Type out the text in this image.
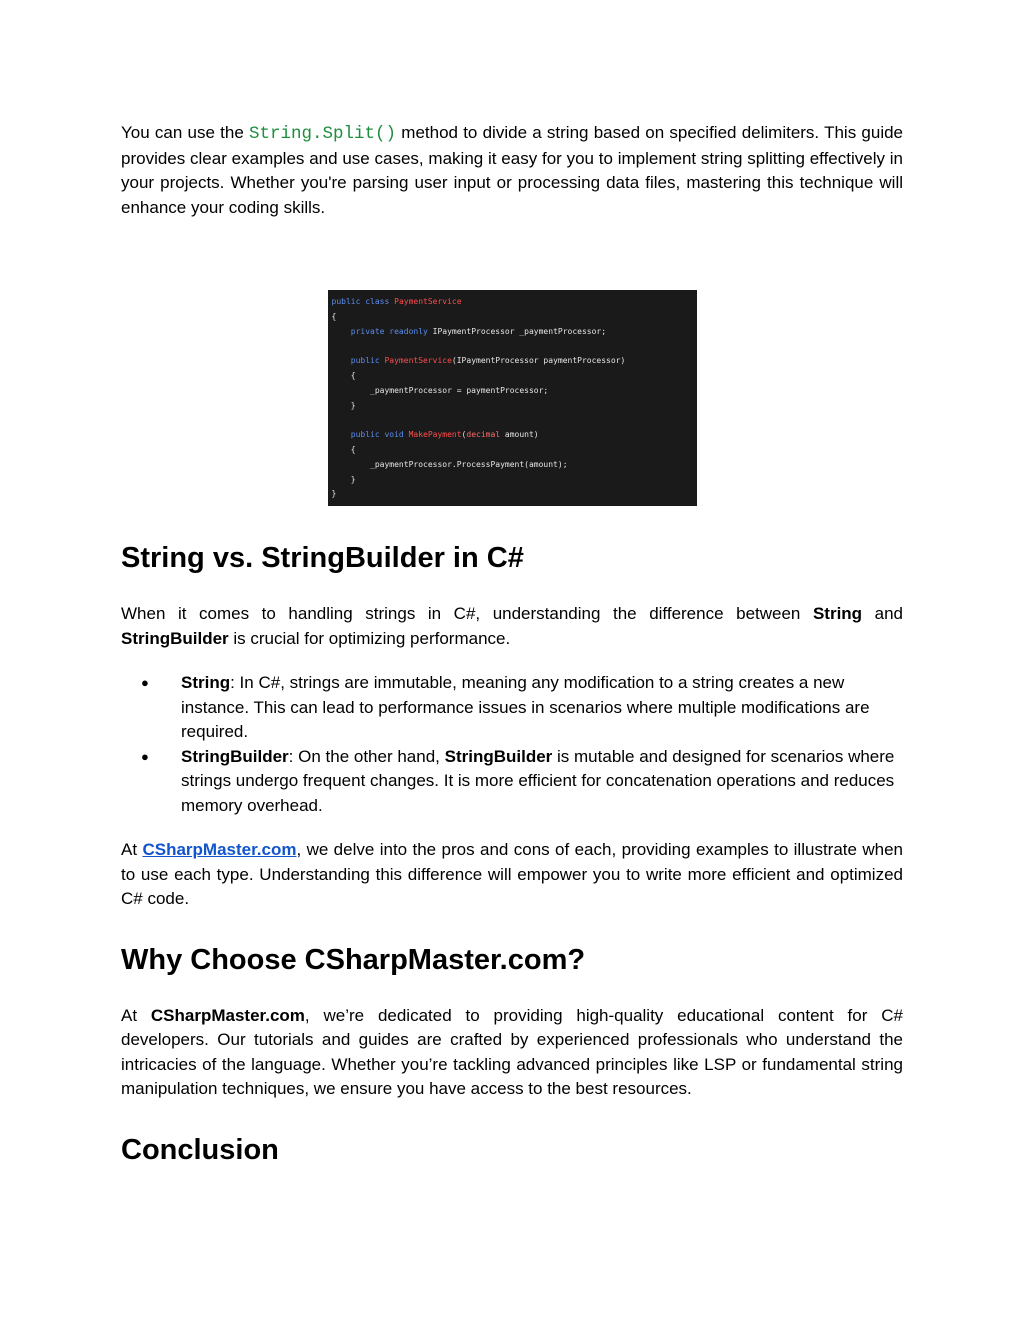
You can use the String.Split() method to divide a string based on specified delimiters. This guide provides clear examples and use cases, making it easy for you to implement string splitting effectively in your projects. Whether you're parsing user input or processing data files, mastering this technique will enhance your coding skills.

public class PaymentService
{
private readonly IPaymentProcessor _paymentProcessor;

public PaymentService(IPaymentProcessor paymentProcessor)
{
_paymentProcessor = paymentProcessor;
}

public void MakePayment(decimal amount)
{
_paymentProcessor.ProcessPayment(amount);
}
}
String vs. StringBuilder in C#

When it comes to handling strings in C#, understanding the difference between String and StringBuilder is crucial for optimizing performance.

● String: In C#, strings are immutable, meaning any modification to a string creates a new instance. This can lead to performance issues in scenarios where multiple modifications are required.
● StringBuilder: On the other hand, StringBuilder is mutable and designed for scenarios where strings undergo frequent changes. It is more efficient for concatenation operations and reduces memory overhead.

At CSharpMaster.com, we delve into the pros and cons of each, providing examples to illustrate when to use each type. Understanding this difference will empower you to write more efficient and optimized C# code.

Why Choose CSharpMaster.com?

At CSharpMaster.com, we’re dedicated to providing high-quality educational content for C# developers. Our tutorials and guides are crafted by experienced professionals who understand the intricacies of the language. Whether you’re tackling advanced principles like LSP or fundamental string manipulation techniques, we ensure you have access to the best resources.

Conclusion
